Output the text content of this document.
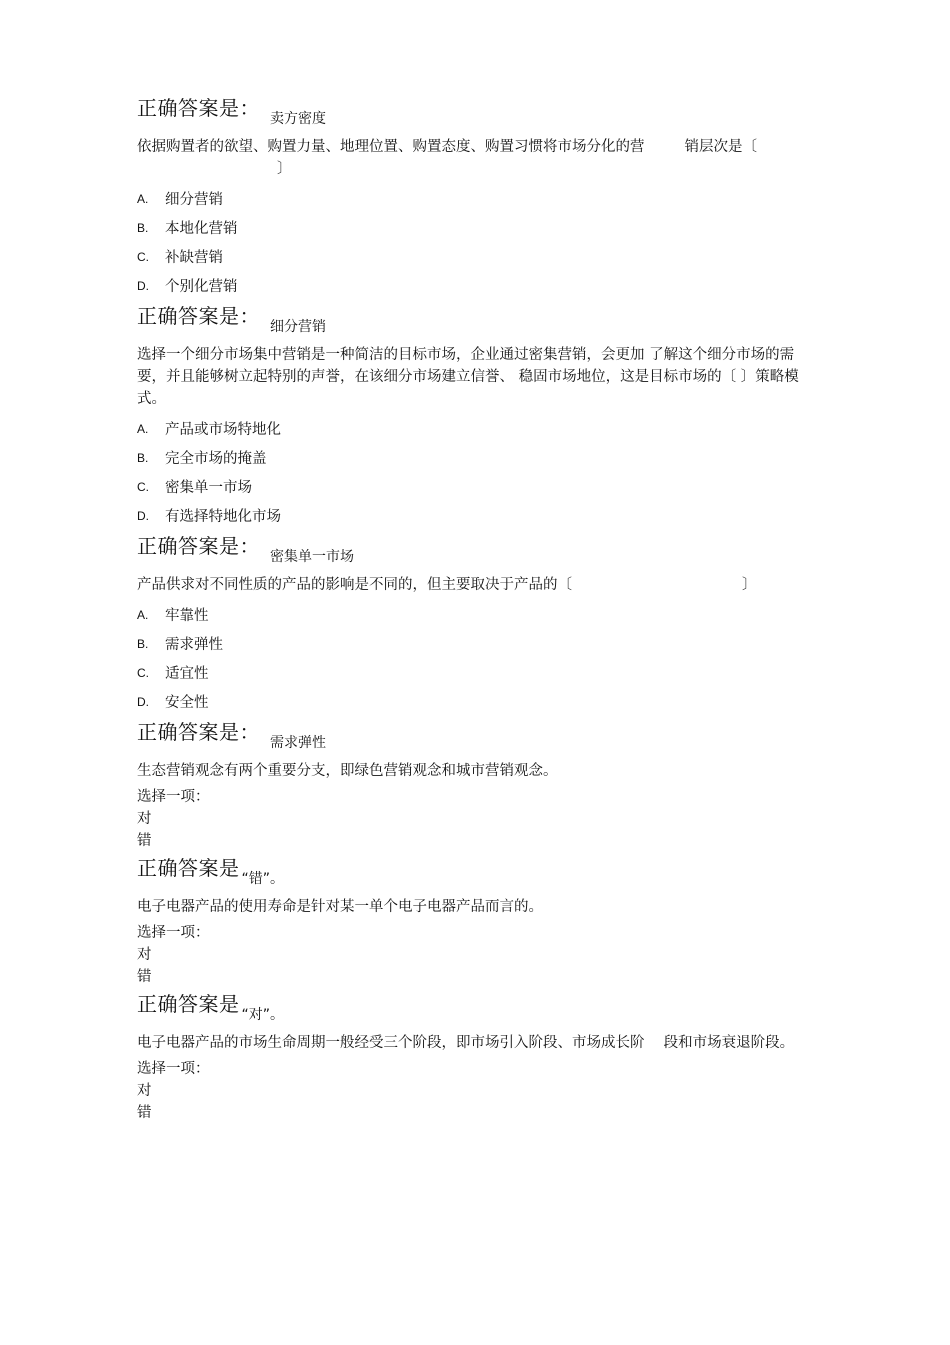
正确答案是： 卖方密度
依据购置者的欲望、购置力量、地理位置、购置态度、购置习惯将市场分化的营	销层次是〔
〕
A.	细分营销
B.	本地化营销
C.	补缺营销
D.	个别化营销
正确答案是： 细分营销
选择一个细分市场集中营销是一种简洁的目标市场，企业通过密集营销，会更加 了解这个细分市场的需要，并且能够树立起特别的声誉，在该细分市场建立信誉、 稳固市场地位，这是目标市场的〔 〕策略模式。
A.	产品或市场特地化
B.	完全市场的掩盖
C.	密集单一市场
D.	有选择特地化市场
正确答案是： 密集单一市场
产品供求对不同性质的产品的影响是不同的，但主要取决于产品的〔	〕
A.	牢靠性
B.	需求弹性
C.	适宜性
D.	安全性
正确答案是： 需求弹性
生态营销观念有两个重要分支，即绿色营销观念和城市营销观念。
选择一项：
对
错
正确答案是 “错”。
电子电器产品的使用寿命是针对某一单个电子电器产品而言的。
选择一项：
对
错
正确答案是 “对”。
电子电器产品的市场生命周期一般经受三个阶段，即市场引入阶段、市场成长阶　 段和市场衰退阶段。
选择一项：
对
错
